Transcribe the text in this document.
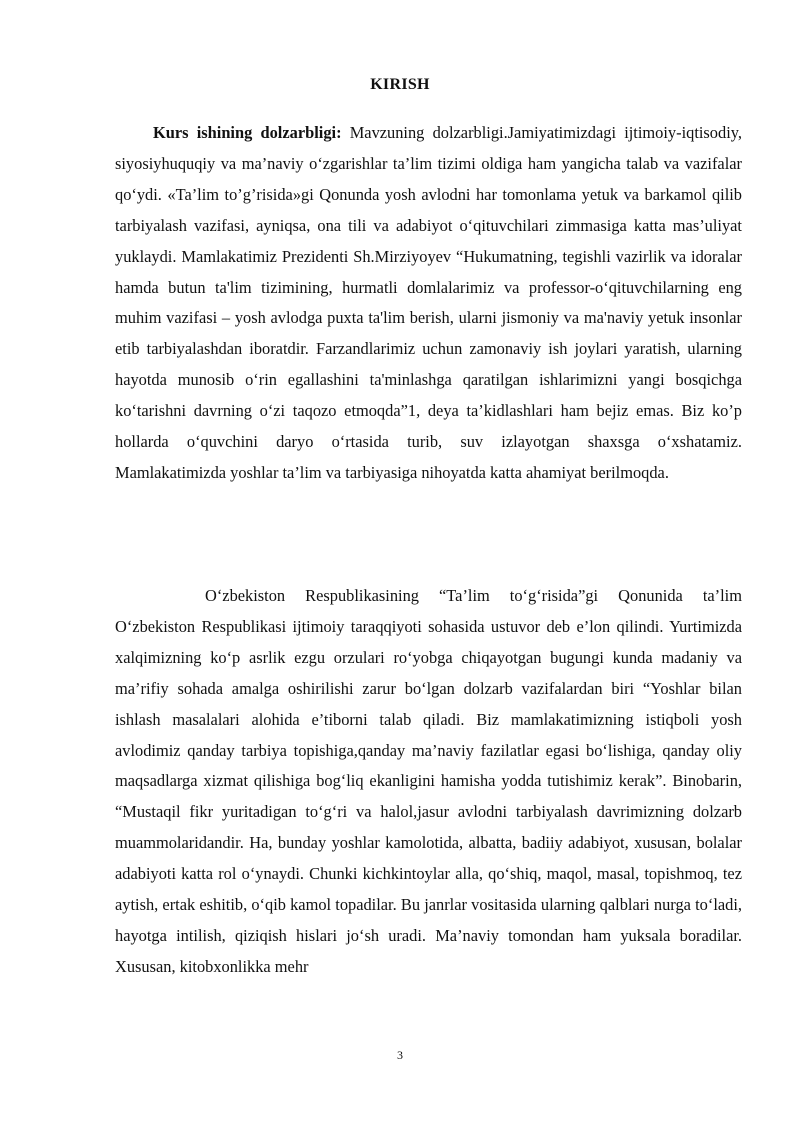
KIRISH

Kurs ishining dolzarbligi: Mavzuning dolzarbligi.Jamiyatimizdagi ijtimoiy-iqtisodiy, siyosiyhuquqiy va ma’naviy o‘zgarishlar ta’lim tizimi oldiga ham yangicha talab va vazifalar qo‘ydi. «Ta’lim to’g’risida»gi Qonunda yosh avlodni har tomonlama yetuk va barkamol qilib tarbiyalash vazifasi, ayniqsa, ona tili va adabiyot o‘qituvchilari zimmasiga katta mas’uliyat yuklaydi. Mamlakatimiz Prezidenti Sh.Mirziyoyev “Hukumatning, tegishli vazirlik va idoralar hamda butun ta'lim tizimining, hurmatli domlalarimiz va professor-o‘qituvchilarning eng muhim vazifasi – yosh avlodga puxta ta'lim berish, ularni jismoniy va ma'naviy yetuk insonlar etib tarbiyalashdan iboratdir. Farzandlarimiz uchun zamonaviy ish joylari yaratish, ularning hayotda munosib o‘rin egallashini ta'minlashga qaratilgan ishlarimizni yangi bosqichga ko‘tarishni davrning o‘zi taqozo etmoqda”1, deya ta’kidlashlari ham bejiz emas. Biz ko’p hollarda o‘quvchini daryo o‘rtasida turib, suv izlayotgan shaxsga o‘xshatamiz. Mamlakatimizda yoshlar ta’lim va tarbiyasiga nihoyatda katta ahamiyat berilmoqda.

O‘zbekiston Respublikasining “Ta’lim to‘g‘risida”gi Qonunida ta’lim O‘zbekiston Respublikasi ijtimoiy taraqqiyoti sohasida ustuvor deb e’lon qilindi. Yurtimizda xalqimizning ko‘p asrlik ezgu orzulari ro‘yobga chiqayotgan bugungi kunda madaniy va ma’rifiy sohada amalga oshirilishi zarur bo‘lgan dolzarb vazifalardan biri “Yoshlar bilan ishlash masalalari alohida e’tiborni talab qiladi. Biz mamlakatimizning istiqboli yosh avlodimiz qanday tarbiya topishiga,qanday ma’naviy fazilatlar egasi bo‘lishiga, qanday oliy maqsadlarga xizmat qilishiga bog‘liq ekanligini hamisha yodda tutishimiz kerak”. Binobarin, “Mustaqil fikr yuritadigan to‘g‘ri va halol,jasur avlodni tarbiyalash davrimizning dolzarb muammolaridandir. Ha, bunday yoshlar kamolotida, albatta, badiiy adabiyot, xususan, bolalar adabiyoti katta rol o‘ynaydi. Chunki kichkintoylar alla, qo‘shiq, maqol, masal, topishmoq, tez aytish, ertak eshitib, o‘qib kamol topadilar. Bu janrlar vositasida ularning qalblari nurga to‘ladi, hayotga intilish, qiziqish hislari jo‘sh uradi. Ma’naviy tomondan ham yuksala boradilar. Xususan, kitobxonlikka mehr

3
